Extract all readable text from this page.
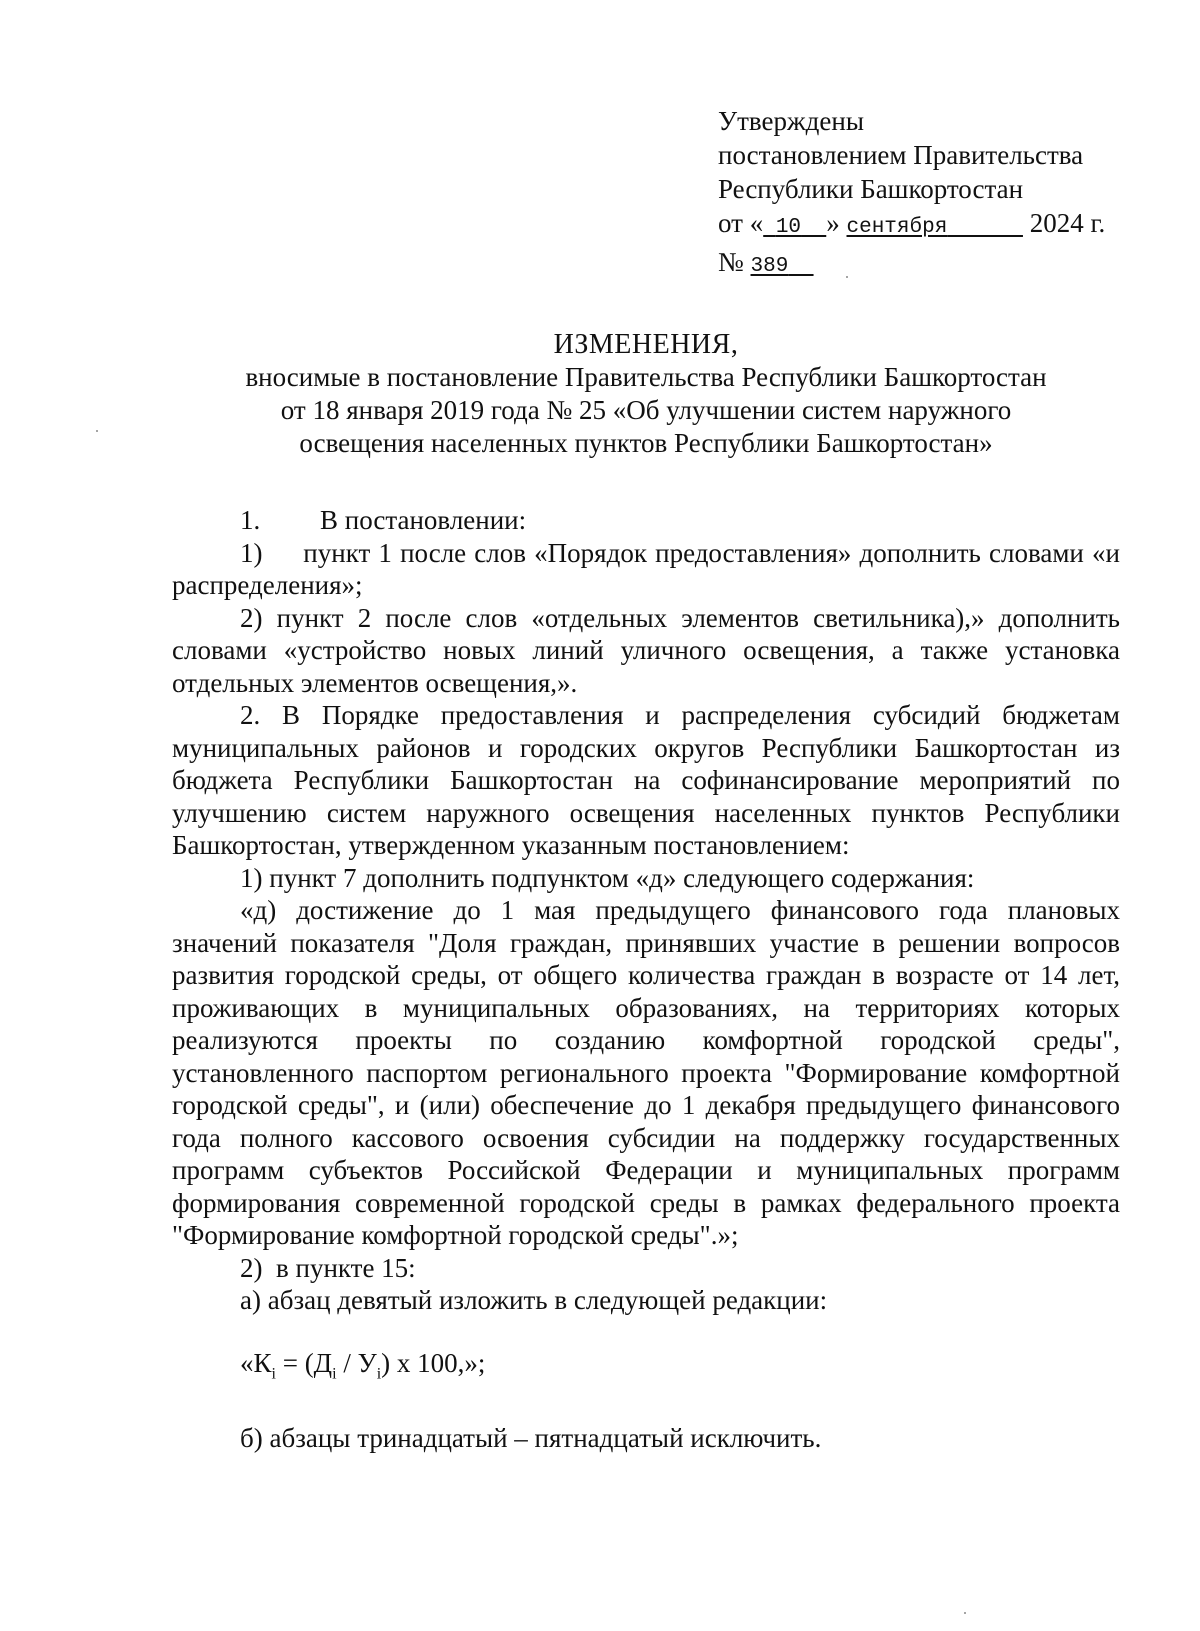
Утверждены
постановлением Правительства
Республики Башкортостан
от « 10 » сентября	2024 г.
№ 389
ИЗМЕНЕНИЯ,
вносимые в постановление Правительства Республики Башкортостан
от 18 января 2019 года № 25 «Об улучшении систем наружного
освещения населенных пунктов Республики Башкортостан»
1.	В постановлении:

1)     пункт 1 после слов «Порядок предоставления» дополнить словами «и распределения»;

2) пункт 2 после слов «отдельных элементов светильника),» дополнить словами «устройство новых линий уличного освещения, а также установка отдельных элементов освещения,».

2. В Порядке предоставления и распределения субсидий бюджетам муниципальных районов и городских округов Республики Башкортостан из бюджета Республики Башкортостан на софинансирование мероприятий по улучшению систем наружного освещения населенных пунктов Республики Башкортостан, утвержденном указанным постановлением:

1) пункт 7 дополнить подпунктом «д» следующего содержания:

«д) достижение до 1 мая предыдущего финансового года плановых значений показателя "Доля граждан, принявших участие в решении вопросов развития городской среды, от общего количества граждан в возрасте от 14 лет, проживающих в муниципальных образованиях, на территориях которых реализуются проекты по созданию комфортной городской среды", установленного паспортом регионального проекта "Формирование комфортной городской среды", и (или) обеспечение до 1 декабря предыдущего финансового года полного кассового освоения субсидии на поддержку государственных программ субъектов Российской Федерации и муниципальных программ формирования современной городской среды в рамках федерального проекта "Формирование комфортной городской среды".»;

2)  в пункте 15:

а) абзац девятый изложить в следующей редакции:

«$К_i = (Д_i / У_i)$ х 100,»;

б) абзацы тринадцатый – пятнадцатый исключить.
